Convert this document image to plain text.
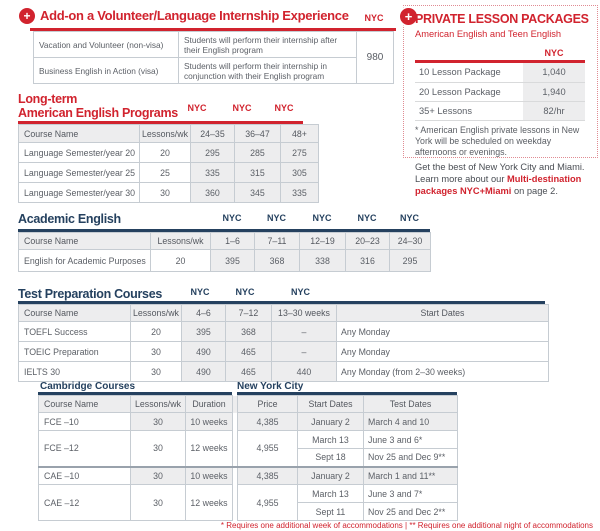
+ Add-on a Volunteer/Language Internship Experience	NYC
Vacation and Volunteer (non-visa)	Students will perform their internship after their English program	980
Business English in Action (visa)	Students will perform their internship in conjunction with their English program	
+ PRIVATE LESSON PACKAGES
American English and Teen English
NYC
10 Lesson Package	1,040
20 Lesson Package	1,940
35+ Lessons	82/hr
* American English private lessons in New York will be scheduled on weekday afternoons or evenings.
Get the best of New York City and Miami. Learn more about our Multi-destination packages NYC+Miami on page 2.
Long-term
American English Programs	NYC	NYC	NYC
Course Name	Lessons/wk	24–35	36–47	48+
Language Semester/year 20	20	295	285	275
Language Semester/year 25	25	335	315	305
Language Semester/year 30	30	360	345	335
Academic English	NYC	NYC	NYC	NYC	NYC
Course Name	Lessons/wk	1–6	7–11	12–19	20–23	24–30
English for Academic Purposes	20	395	368	338	316	295
Test Preparation Courses	NYC	NYC	NYC
Course Name	Lessons/wk	4–6	7–12	13–30 weeks	Start Dates
TOEFL Success	20	395	368	–	Any Monday
TOEIC Preparation	30	490	465	–	Any Monday
IELTS 30	30	490	465	440	Any Monday (from 2–30 weeks)
Cambridge Courses	New York City
Course Name	Lessons/wk	Duration		Price	Start Dates	Test Dates
FCE –10	30	10 weeks		4,385	January 2	March 4 and 10
FCE –12	30	12 weeks		4,955	March 13	June 3 and 6*
					Sept 18	Nov 25 and Dec 9**
CAE –10	30	10 weeks		4,385	January 2	March 1 and 11**
CAE –12	30	12 weeks		4,955	March 13	June 3 and 7*
					Sept 11	Nov 25 and Dec 2**
* Requires one additional week of accommodations | ** Requires one additional night of accommodations
